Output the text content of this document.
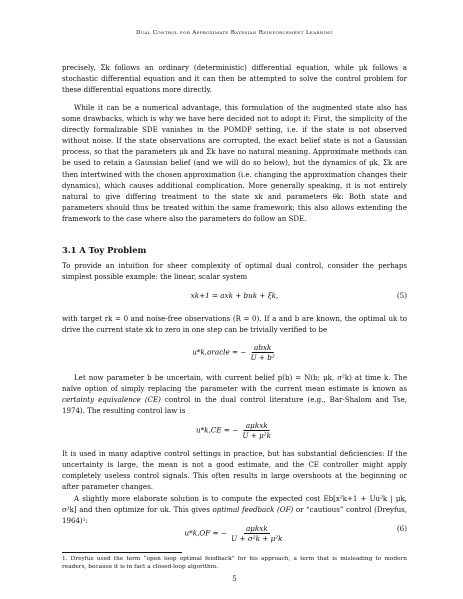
Dual Control for Approximate Bayesian Reinforcement Learning

precisely, Σk follows an ordinary (deterministic) differential equation, while μk follows a stochastic differential equation and it can then be attempted to solve the control problem for these differential equations more directly.

While it can be a numerical advantage, this formulation of the augmented state also has some drawbacks, which is why we have here decided not to adopt it: First, the simplicity of the directly formalizable SDE vanishes in the POMDP setting, i.e. if the state is not observed without noise. If the state observations are corrupted, the exact belief state is not a Gaussian process, so that the parameters μk and Σk have no natural meaning. Approximate methods can be used to retain a Gaussian belief (and we will do so below), but the dynamics of μk, Σk are then intertwined with the chosen approximation (i.e. changing the approximation changes their dynamics), which causes additional complication. More generally speaking, it is not entirely natural to give differing treatment to the state xk and parameters θk: Both state and parameters should thus be treated within the same framework; this also allows extending the framework to the case where also the parameters do follow an SDE.

3.1 A Toy Problem

To provide an intuition for sheer complexity of optimal dual control, consider the perhaps simplest possible example: the linear, scalar system

xk+1 = axk + buk + ξk,	(5)

with target rk = 0 and noise-free observations (R = 0). If a and b are known, the optimal uk to drive the current state xk to zero in one step can be trivially verified to be

u*k,oracle = − $\frac{\text{abxk}}{\text{U + b²}}$

Let now parameter b be uncertain, with current belief p(b) = N(b; μk, σ²k) at time k. The naïve option of simply replacing the parameter with the current mean estimate is known as certainty equivalence (CE) control in the dual control literature (e.g., Bar-Shalom and Tse, 1974). The resulting control law is

u*k,CE = − $\frac{\text{aμkxk}}{\text{U + μ²k}}$

It is used in many adaptive control settings in practice, but has substantial deficiencies: If the uncertainty is large, the mean is not a good estimate, and the CE controller might apply completely useless control signals. This often results in large overshoots at the beginning or after parameter changes.

A slightly more elaborate solution is to compute the expected cost Eb[x²k+1 + Uu²k | μk, σ²k] and then optimize for uk. This gives optimal feedback (OF) or “cautious” control (Dreyfus, 1964)¹:

u*k,OF = − $\frac{\text{aμkxk}}{\text{U + σ²k + μ²k}}$	(6)
1. Dreyfus used the term “open loop optimal feedback” for his approach, a term that is misleading to modern readers, because it is in fact a closed-loop algorithm.
5
